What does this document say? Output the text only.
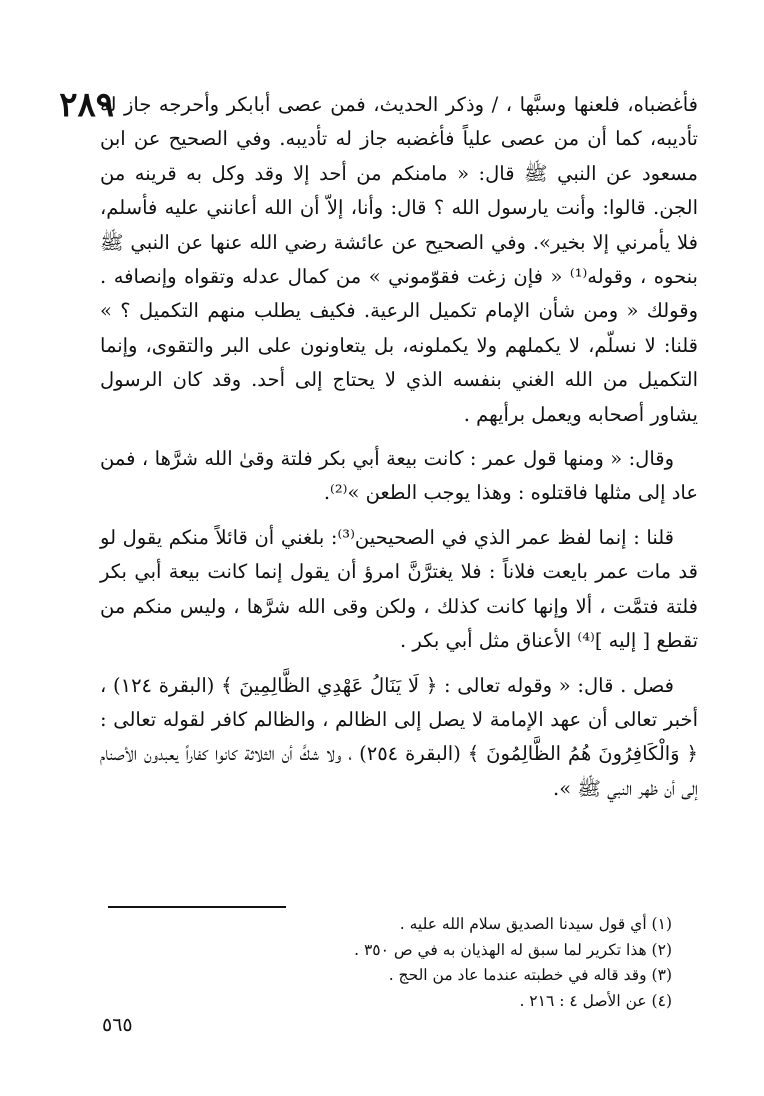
٢٨٩

فأغضباه، فلعنها وسبَّها ، / وذكر الحديث، فمن عصى أبابكر وأحرجه جاز له تأديبه، كما أن من عصى علياً فأغضبه جاز له تأديبه. وفي الصحيح عن ابن مسعود عن النبي ﷺ قال: « مامنكم من أحد إلا وقد وكل به قرينه من الجن. قالوا: وأنت يارسول الله ؟ قال: وأنا، إلاّ أن الله أعانني عليه فأسلم، فلا يأمرني إلا بخير». وفي الصحيح عن عائشة رضي الله عنها عن النبي ﷺ بنحوه ، وقوله⁽¹⁾ « فإن زغت فقوّموني » من كمال عدله وتقواه وإنصافه . وقولك « ومن شأن الإمام تكميل الرعية. فكيف يطلب منهم التكميل ؟ » قلنا: لا نسلّم، لا يكملهم ولا يكملونه، بل يتعاونون على البر والتقوى، وإنما التكميل من الله الغني بنفسه الذي لا يحتاج إلى أحد. وقد كان الرسول يشاور أصحابه ويعمل برأيهم .

وقال: « ومنها قول عمر : كانت بيعة أبي بكر فلتة وقىٰ الله شرَّها ، فمن عاد إلى مثلها فاقتلوه : وهذا يوجب الطعن »⁽²⁾.

قلنا : إنما لفظ عمر الذي في الصحيحين⁽³⁾: بلغني أن قائلاً منكم يقول لو قد مات عمر بايعت فلاناً : فلا يغترَّنَّ امرؤ أن يقول إنما كانت بيعة أبي بكر فلتة فتمَّت ، ألا وإنها كانت كذلك ، ولكن وقى الله شرَّها ، وليس منكم من تقطع [ إليه ]⁽⁴⁾ الأعناق مثل أبي بكر .

فصل . قال: « وقوله تعالى : ﴿ لَا يَنَالُ عَهْدِي الظَّالِمِينَ ﴾ (البقرة ١٢٤) ، أخبر تعالى أن عهد الإمامة لا يصل إلى الظالم ، والظالم كافر لقوله تعالى : ﴿ وَالْكَافِرُونَ هُمُ الظَّالِمُونَ ﴾ (البقرة ٢٥٤) ، ولا شكَّ أن الثلاثة كانوا كفاراً يعبدون الأصنام إلى أن ظهر النبي ﷺ ».

(١) أي قول سيدنا الصديق سلام الله عليه .
(٢) هذا تكرير لما سبق له الهذيان به في ص ٣٥٠ .
(٣) وقد قاله في خطبته عندما عاد من الحج .
(٤) عن الأصل ٤ : ٢١٦ .
٥٦٥
